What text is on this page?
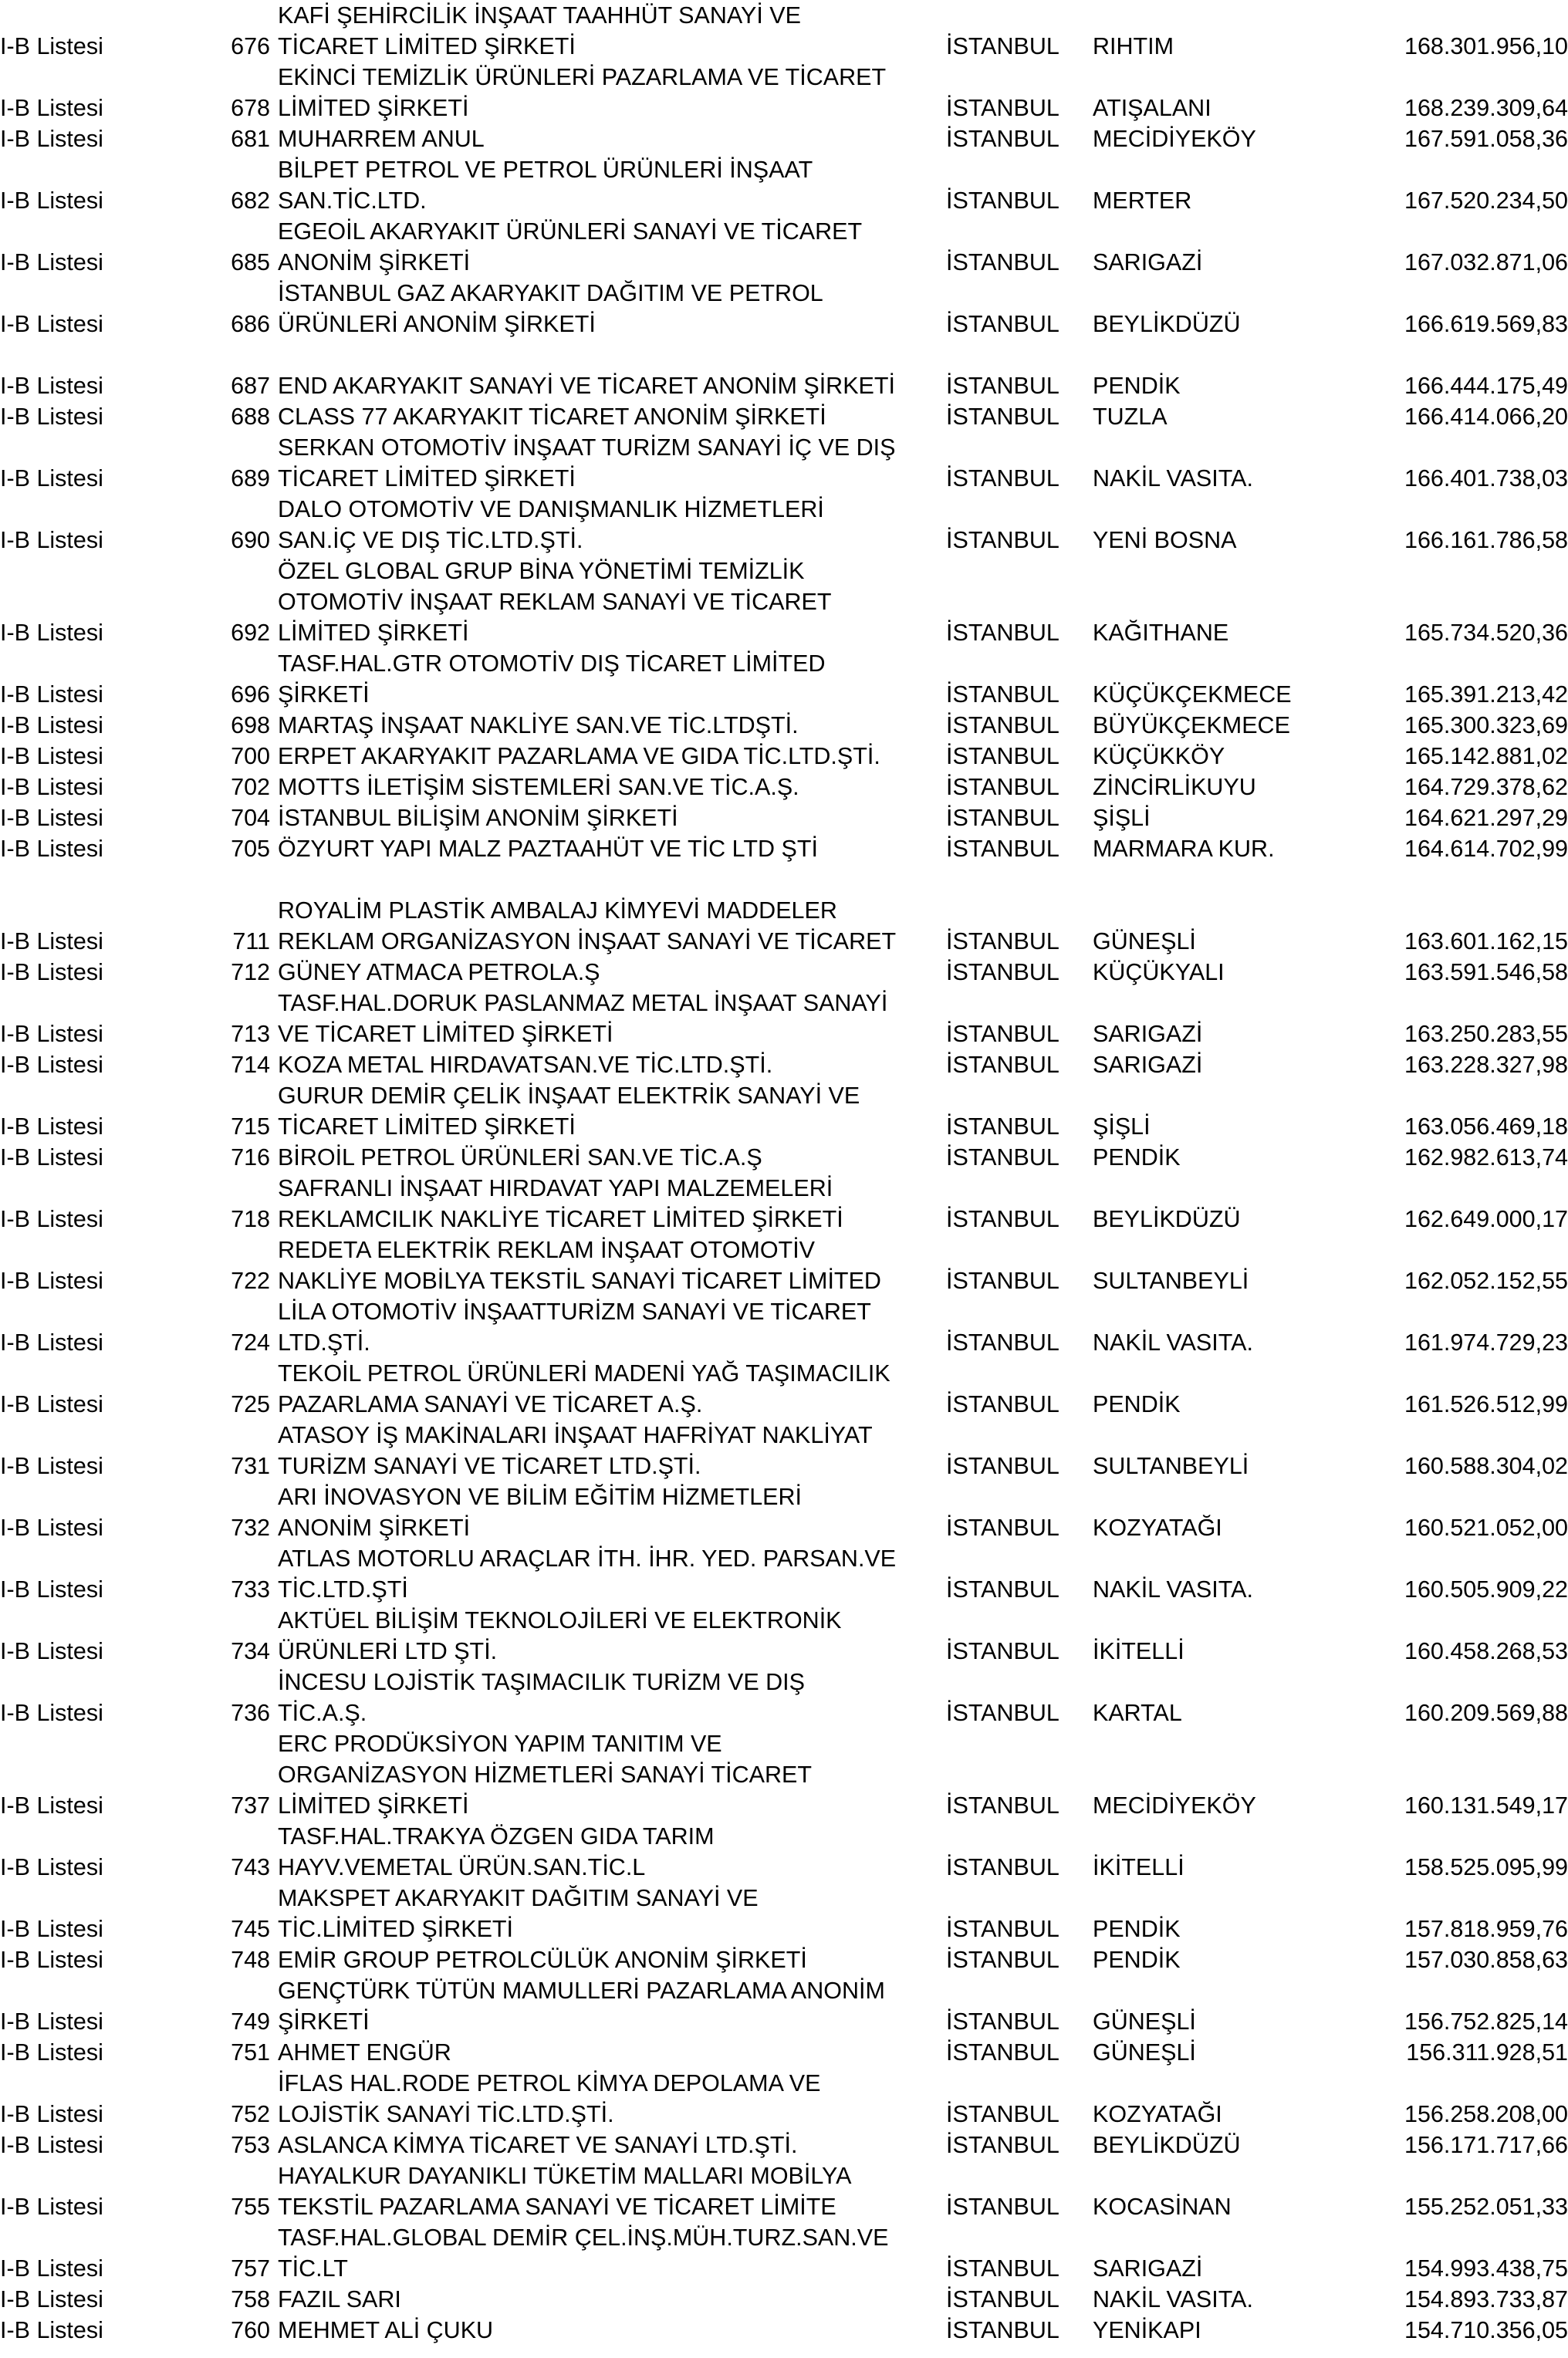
I-B Listesi	676
KAFİ ŞEHİRCİLİK İNŞAAT TAAHHÜT SANAYİ VE
TİCARET LİMİTED ŞİRKETİ	İSTANBUL RIHTIM	168.301.956,10
I-B Listesi	678
EKİNCİ TEMİZLİK ÜRÜNLERİ PAZARLAMA VE TİCARET
LİMİTED ŞİRKETİ	İSTANBUL ATIŞALANI	168.239.309,64
I-B Listesi	681 MUHARREM ANUL	İSTANBUL MECİDİYEKÖY	167.591.058,36
I-B Listesi	682
BİLPET PETROL VE PETROL ÜRÜNLERİ İNŞAAT
SAN.TİC.LTD.	İSTANBUL MERTER	167.520.234,50
I-B Listesi	685
EGEOİL AKARYAKIT ÜRÜNLERİ SANAYİ VE TİCARET
ANONİM ŞİRKETİ	İSTANBUL SARIGAZİ	167.032.871,06
I-B Listesi	686
İSTANBUL GAZ AKARYAKIT DAĞITIM VE PETROL
ÜRÜNLERİ ANONİM ŞİRKETİ	İSTANBUL BEYLİKDÜZÜ	166.619.569,83
I-B Listesi	687 END AKARYAKIT SANAYİ VE TİCARET ANONİM ŞİRKETİ	İSTANBUL PENDİK	166.444.175,49
I-B Listesi	688 CLASS 77 AKARYAKIT TİCARET ANONİM ŞİRKETİ	İSTANBUL TUZLA	166.414.066,20
I-B Listesi	689
SERKAN OTOMOTİV İNŞAAT TURİZM SANAYİ İÇ VE DIŞ
TİCARET LİMİTED ŞİRKETİ	İSTANBUL NAKİL VASITA.	166.401.738,03
I-B Listesi	690
DALO OTOMOTİV VE DANIŞMANLIK HİZMETLERİ
SAN.İÇ VE DIŞ TİC.LTD.ŞTİ.	İSTANBUL YENİ BOSNA	166.161.786,58
I-B Listesi	692
ÖZEL GLOBAL GRUP BİNA YÖNETİMİ TEMİZLİK
OTOMOTİV İNŞAAT REKLAM SANAYİ VE TİCARET
LİMİTED ŞİRKETİ	İSTANBUL KAĞITHANE	165.734.520,36
I-B Listesi	696
TASF.HAL.GTR OTOMOTİV DIŞ TİCARET LİMİTED
ŞİRKETİ	İSTANBUL KÜÇÜKÇEKMECE	165.391.213,42
I-B Listesi	698 MARTAŞ İNŞAAT NAKLİYE SAN.VE TİC.LTDŞTİ.	İSTANBUL BÜYÜKÇEKMECE	165.300.323,69
I-B Listesi	700 ERPET AKARYAKIT PAZARLAMA VE GIDA TİC.LTD.ŞTİ.	İSTANBUL KÜÇÜKKÖY	165.142.881,02
I-B Listesi	702 MOTTS İLETİŞİM SİSTEMLERİ SAN.VE TİC.A.Ş.	İSTANBUL ZİNCİRLİKUYU	164.729.378,62
I-B Listesi	704 İSTANBUL BİLİŞİM ANONİM ŞİRKETİ	İSTANBUL ŞİŞLİ	164.621.297,29
I-B Listesi	705 ÖZYURT YAPI MALZ PAZTAAHÜT VE TİC LTD ŞTİ	İSTANBUL MARMARA KUR.	164.614.702,99
I-B Listesi	711
ROYALİM PLASTİK AMBALAJ KİMYEVİ MADDELER
REKLAM ORGANİZASYON İNŞAAT SANAYİ VE TİCARET	İSTANBUL GÜNEŞLİ	163.601.162,15
I-B Listesi	712 GÜNEY ATMACA PETROLA.Ş	İSTANBUL KÜÇÜKYALI	163.591.546,58
I-B Listesi	713
TASF.HAL.DORUK PASLANMAZ METAL İNŞAAT SANAYİ
VE TİCARET LİMİTED ŞİRKETİ	İSTANBUL SARIGAZİ	163.250.283,55
I-B Listesi	714 KOZA METAL HIRDAVATSAN.VE TİC.LTD.ŞTİ.	İSTANBUL SARIGAZİ	163.228.327,98
I-B Listesi	715
GURUR DEMİR ÇELİK İNŞAAT ELEKTRİK SANAYİ VE
TİCARET LİMİTED ŞİRKETİ	İSTANBUL ŞİŞLİ	163.056.469,18
I-B Listesi	716 BİROİL PETROL ÜRÜNLERİ SAN.VE TİC.A.Ş	İSTANBUL PENDİK	162.982.613,74
I-B Listesi	718
SAFRANLI İNŞAAT HIRDAVAT YAPI MALZEMELERİ
REKLAMCILIK NAKLİYE TİCARET LİMİTED ŞİRKETİ	İSTANBUL BEYLİKDÜZÜ	162.649.000,17
I-B Listesi	722
REDETA ELEKTRİK REKLAM İNŞAAT OTOMOTİV
NAKLİYE MOBİLYA TEKSTİL SANAYİ TİCARET LİMİTED	İSTANBUL SULTANBEYLİ	162.052.152,55
I-B Listesi	724
LİLA OTOMOTİV İNŞAATTURİZM SANAYİ VE TİCARET
LTD.ŞTİ.	İSTANBUL NAKİL VASITA.	161.974.729,23
I-B Listesi	725
TEKOİL PETROL ÜRÜNLERİ MADENİ YAĞ TAŞIMACILIK
PAZARLAMA SANAYİ VE TİCARET A.Ş.	İSTANBUL PENDİK	161.526.512,99
I-B Listesi	731
ATASOY İŞ MAKİNALARI İNŞAAT HAFRİYAT NAKLİYAT
TURİZM SANAYİ VE TİCARET LTD.ŞTİ.	İSTANBUL SULTANBEYLİ	160.588.304,02
I-B Listesi	732
ARI İNOVASYON VE BİLİM EĞİTİM HİZMETLERİ
ANONİM ŞİRKETİ	İSTANBUL KOZYATAĞI	160.521.052,00
I-B Listesi	733
ATLAS MOTORLU ARAÇLAR İTH. İHR. YED. PARSAN.VE
TİC.LTD.ŞTİ	İSTANBUL NAKİL VASITA.	160.505.909,22
I-B Listesi	734
AKTÜEL BİLİŞİM TEKNOLOJİLERİ VE ELEKTRONİK
ÜRÜNLERİ LTD ŞTİ.	İSTANBUL İKİTELLİ	160.458.268,53
I-B Listesi	736
İNCESU LOJİSTİK TAŞIMACILIK TURİZM VE DIŞ
TİC.A.Ş.	İSTANBUL KARTAL	160.209.569,88
I-B Listesi	737
ERC PRODÜKSİYON YAPIM TANITIM VE
ORGANİZASYON HİZMETLERİ SANAYİ TİCARET
LİMİTED ŞİRKETİ	İSTANBUL MECİDİYEKÖY	160.131.549,17
I-B Listesi	743
TASF.HAL.TRAKYA ÖZGEN GIDA TARIM
HAYV.VEMETAL ÜRÜN.SAN.TİC.L	İSTANBUL İKİTELLİ	158.525.095,99
I-B Listesi	745
MAKSPET AKARYAKIT DAĞITIM SANAYİ VE
TİC.LİMİTED ŞİRKETİ	İSTANBUL PENDİK	157.818.959,76
I-B Listesi	748 EMİR GROUP PETROLCÜLÜK ANONİM ŞİRKETİ	İSTANBUL PENDİK	157.030.858,63
I-B Listesi	749
GENÇTÜRK TÜTÜN MAMULLERİ PAZARLAMA ANONİM
ŞİRKETİ	İSTANBUL GÜNEŞLİ	156.752.825,14
I-B Listesi	751 AHMET ENGÜR	İSTANBUL GÜNEŞLİ	156.311.928,51
I-B Listesi	752
İFLAS HAL.RODE PETROL KİMYA DEPOLAMA VE
LOJİSTİK SANAYİ TİC.LTD.ŞTİ.	İSTANBUL KOZYATAĞI	156.258.208,00
I-B Listesi	753 ASLANCA KİMYA TİCARET VE SANAYİ LTD.ŞTİ.	İSTANBUL BEYLİKDÜZÜ	156.171.717,66
I-B Listesi	755
HAYALKUR DAYANIKLI TÜKETİM MALLARI MOBİLYA
TEKSTİL PAZARLAMA SANAYİ VE TİCARET LİMİTE	İSTANBUL KOCASİNAN	155.252.051,33
I-B Listesi	757
TASF.HAL.GLOBAL DEMİR ÇEL.İNŞ.MÜH.TURZ.SAN.VE
TİC.LT	İSTANBUL SARIGAZİ	154.993.438,75
I-B Listesi	758 FAZIL SARI	İSTANBUL NAKİL VASITA.	154.893.733,87
I-B Listesi	760 MEHMET ALİ ÇUKU	İSTANBUL YENİKAPI	154.710.356,05
